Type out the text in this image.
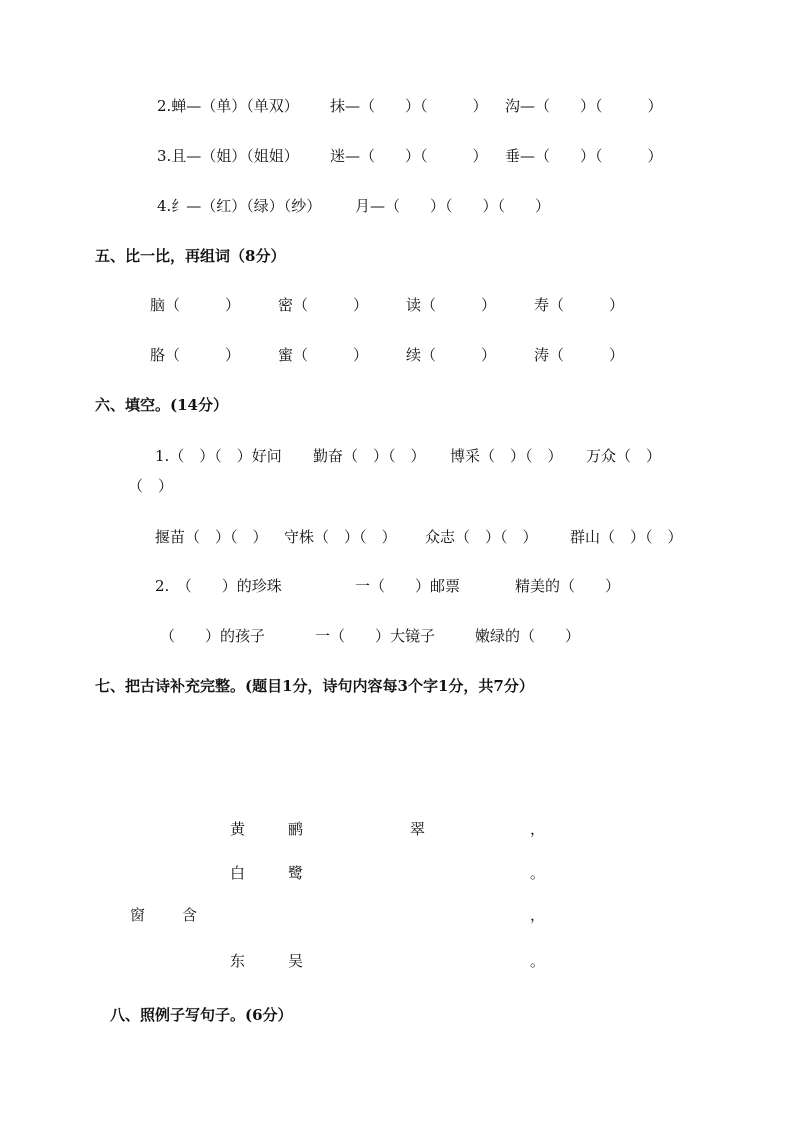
2.蝉—（单）（单双） 抹—（　　）（　　　） 沟—（　　）（　　　）
3.且—（姐）（姐姐） 迷—（　　）（　　　） 垂—（　　）（　　　）
4.纟—（红）（绿）（纱） 月—（　　）（　　）（　　）
五、比一比，再组词（8分）
脑（　　　）	密（　　　）	读（　　　）	寿（　　　）
胳（　　　）	蜜（　　　）	续（　　　）	涛（　　　）
六、填空。(14分）
1.（　）（　）好问 勤奋（　）（　） 博采（　）（　） 万众（　）
（　）
揠苗（　）（　） 守株（　）（　） 众志（　）（　） 群山（　）（　）
2.　（　　）的珍珠	一（　　）邮票	精美的（　　）
（　　）的孩子	一（　　）大镜子	嫩绿的（　　）
七、把古诗补充完整。(题目1分，诗句内容每3个字1分，共7分）
黄	鹂	翠	，
白	鹭	。
窗 含	，
东	吴	。
八、照例子写句子。(6分）
